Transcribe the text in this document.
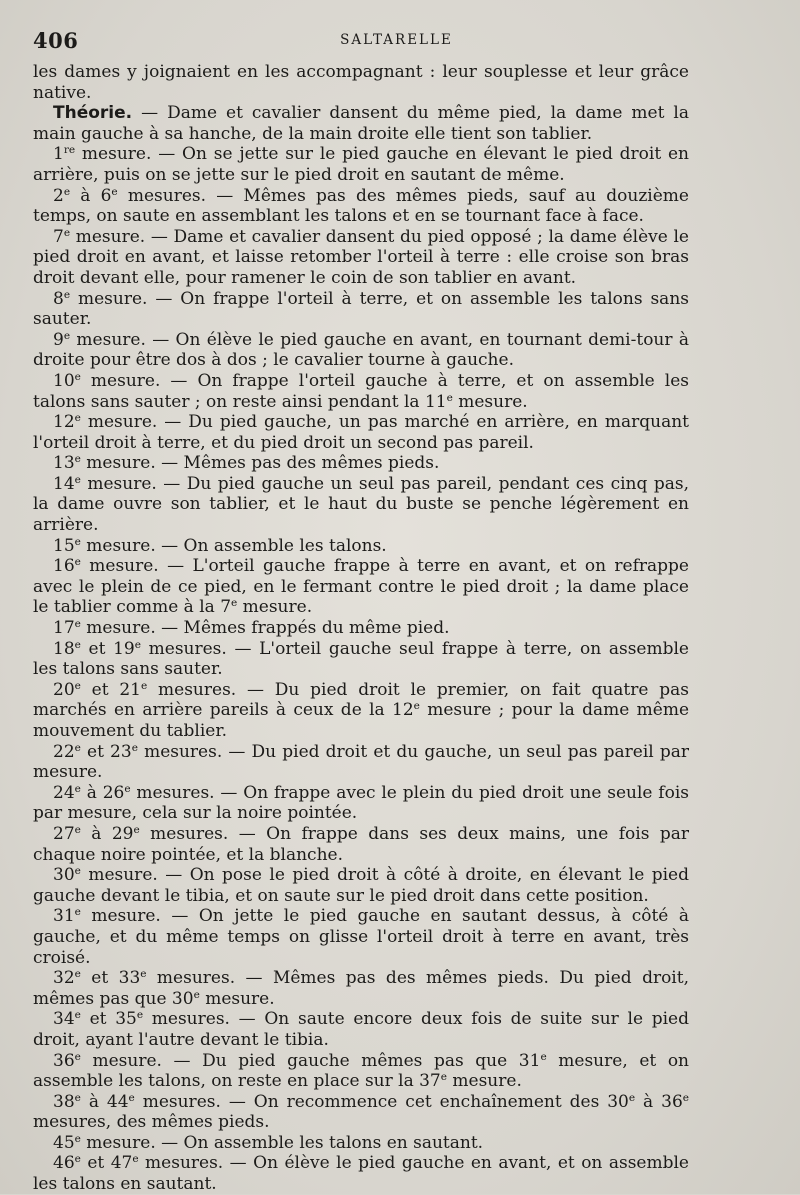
406	SALTARELLE

les dames y joignaient en les accompagnant : leur souplesse et leur grâce native.

Théorie. — Dame et cavalier dansent du même pied, la dame met la main gauche à sa hanche, de la main droite elle tient son tablier.

1re mesure. — On se jette sur le pied gauche en élevant le pied droit en arrière, puis on se jette sur le pied droit en sautant de même.

2e à 6e mesures. — Mêmes pas des mêmes pieds, sauf au douzième temps, on saute en assemblant les talons et en se tournant face à face.

7e mesure. — Dame et cavalier dansent du pied opposé ; la dame élève le pied droit en avant, et laisse retomber l'orteil à terre : elle croise son bras droit devant elle, pour ramener le coin de son tablier en avant.

8e mesure. — On frappe l'orteil à terre, et on assemble les talons sans sauter.

9e mesure. — On élève le pied gauche en avant, en tournant demi-tour à droite pour être dos à dos ; le cavalier tourne à gauche.

10e mesure. — On frappe l'orteil gauche à terre, et on assemble les talons sans sauter ; on reste ainsi pendant la 11e mesure.

12e mesure. — Du pied gauche, un pas marché en arrière, en marquant l'orteil droit à terre, et du pied droit un second pas pareil.

13e mesure. — Mêmes pas des mêmes pieds.

14e mesure. — Du pied gauche un seul pas pareil, pendant ces cinq pas, la dame ouvre son tablier, et le haut du buste se penche légèrement en arrière.

15e mesure. — On assemble les talons.

16e mesure. — L'orteil gauche frappe à terre en avant, et on refrappe avec le plein de ce pied, en le fermant contre le pied droit ; la dame place le tablier comme à la 7e mesure.

17e mesure. — Mêmes frappés du même pied.

18e et 19e mesures. — L'orteil gauche seul frappe à terre, on assemble les talons sans sauter.

20e et 21e mesures. — Du pied droit le premier, on fait quatre pas marchés en arrière pareils à ceux de la 12e mesure ; pour la dame même mouvement du tablier.

22e et 23e mesures. — Du pied droit et du gauche, un seul pas pareil par mesure.

24e à 26e mesures. — On frappe avec le plein du pied droit une seule fois par mesure, cela sur la noire pointée.

27e à 29e mesures. — On frappe dans ses deux mains, une fois par chaque noire pointée, et la blanche.

30e mesure. — On pose le pied droit à côté à droite, en élevant le pied gauche devant le tibia, et on saute sur le pied droit dans cette position.

31e mesure. — On jette le pied gauche en sautant dessus, à côté à gauche, et du même temps on glisse l'orteil droit à terre en avant, très croisé.

32e et 33e mesures. — Mêmes pas des mêmes pieds. Du pied droit, mêmes pas que 30e mesure.

34e et 35e mesures. — On saute encore deux fois de suite sur le pied droit, ayant l'autre devant le tibia.

36e mesure. — Du pied gauche mêmes pas que 31e mesure, et on assemble les talons, on reste en place sur la 37e mesure.

38e à 44e mesures. — On recommence cet enchaînement des 30e à 36e mesures, des mêmes pieds.

45e mesure. — On assemble les talons en sautant.

46e et 47e mesures. — On élève le pied gauche en avant, et on assemble les talons en sautant.
